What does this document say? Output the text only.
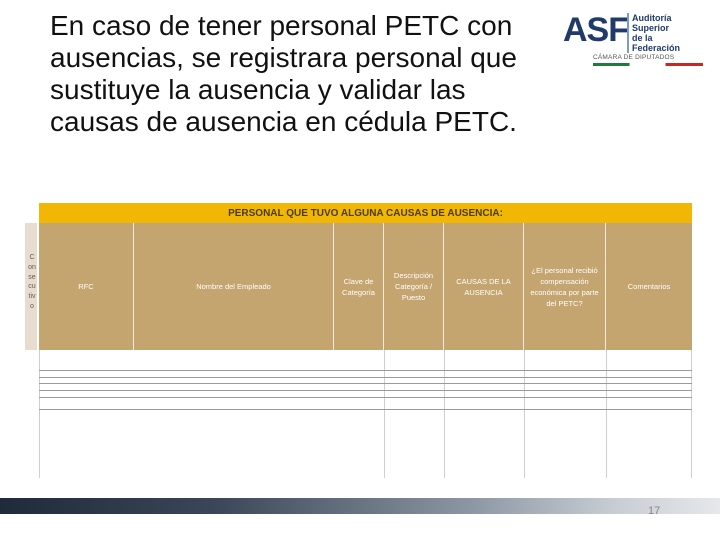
En caso de tener personal PETC con ausencias, se registrara personal que sustituye la ausencia y validar las causas de ausencia en cédula PETC.
ASF Auditoría
Superior
de la Federación
CÁMARA DE DIPUTADOS
Consecutivo
PERSONAL QUE TUVO ALGUNA CAUSAS DE AUSENCIA:
RFC	Nombre del Empleado
Clave de Categoría
Descripción Categoría / Puesto
CAUSAS DE LA AUSENCIA
¿El personal recibió compensación económica por parte del PETC?
Comentarios
17
